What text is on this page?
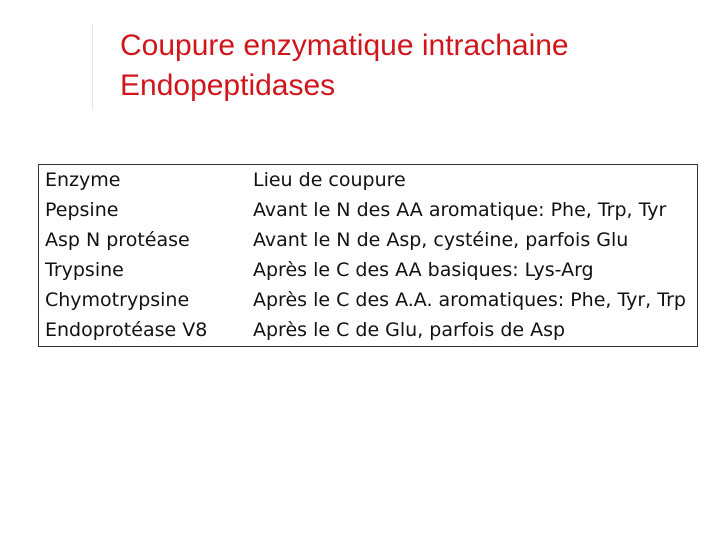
Coupure enzymatique intrachaine
Endopeptidases
Enzyme	Lieu de coupure
Pepsine	Avant le N des AA aromatique: Phe, Trp, Tyr
Asp N protéase	Avant le N de Asp, cystéine, parfois Glu
Trypsine	Après le C des AA basiques: Lys-Arg
Chymotrypsine	Après le C des A.A. aromatiques: Phe, Tyr, Trp
Endoprotéase V8	Après le C de Glu, parfois de Asp
